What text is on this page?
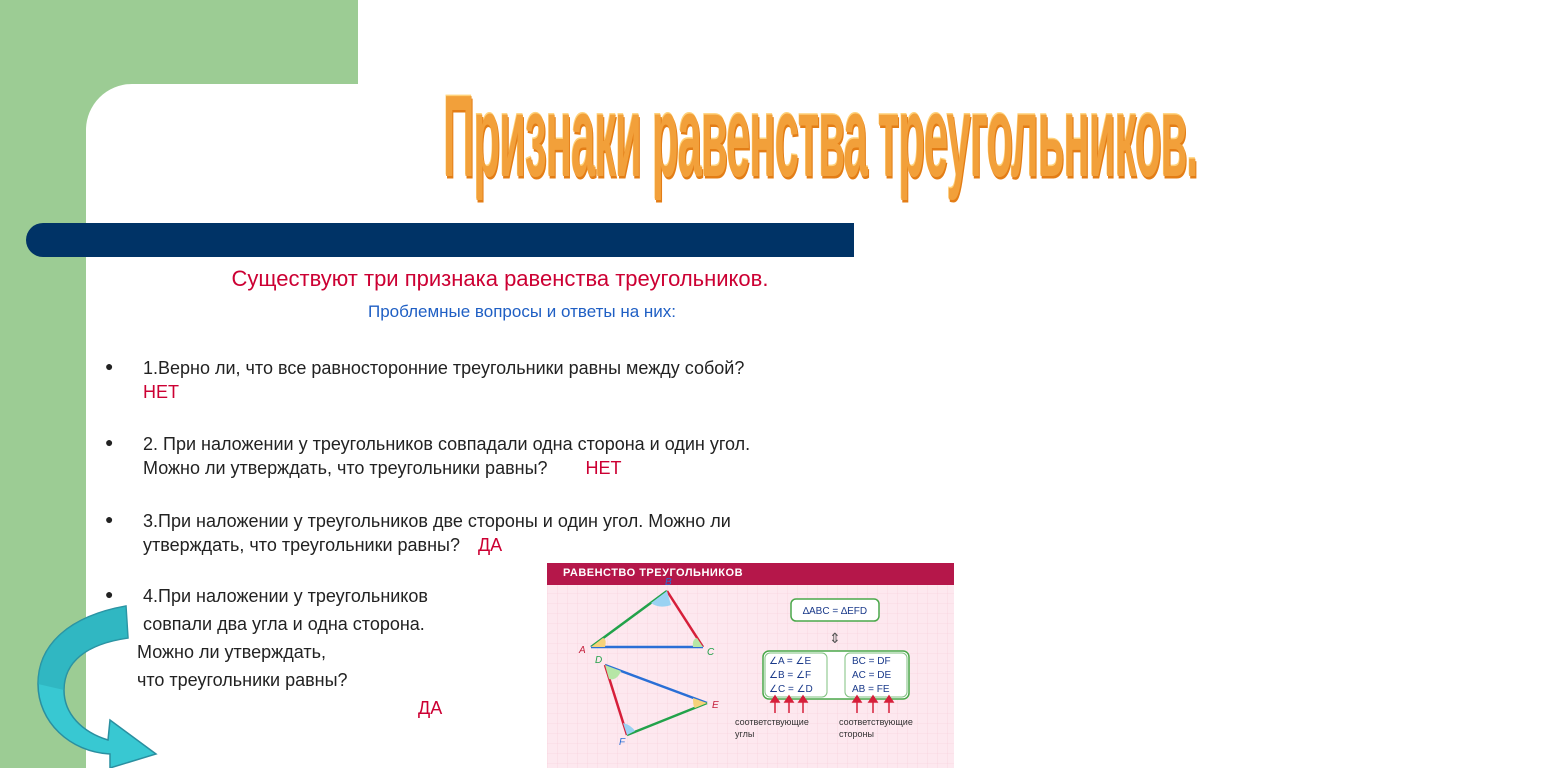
Признаки равенства треугольников.
Существуют три признака равенства треугольников.
Проблемные вопросы и ответы на них:
● 1.Верно ли, что все равносторонние треугольники равны между собой?
НЕТ
● 2. При наложении у треугольников совпадали одна сторона и один угол.
Можно ли утверждать, что треугольники равны? НЕТ
● 3.При наложении у треугольников две стороны и один угол. Можно ли
утверждать, что треугольники равны? ДА
● 4.При наложении у треугольников
совпали два угла и одна сторона.
Можно ли утверждать,
что треугольники равны?
ДА
РАВЕНСТВО ТРЕУГОЛЬНИКОВ
A
B
C
D
E
F
∆ABC = ∆EFD
⇕
∠A = ∠E
∠B = ∠F
∠C = ∠D
BC = DF
AC = DE
AB = FE
соответствующие
углы
соответствующие
стороны
